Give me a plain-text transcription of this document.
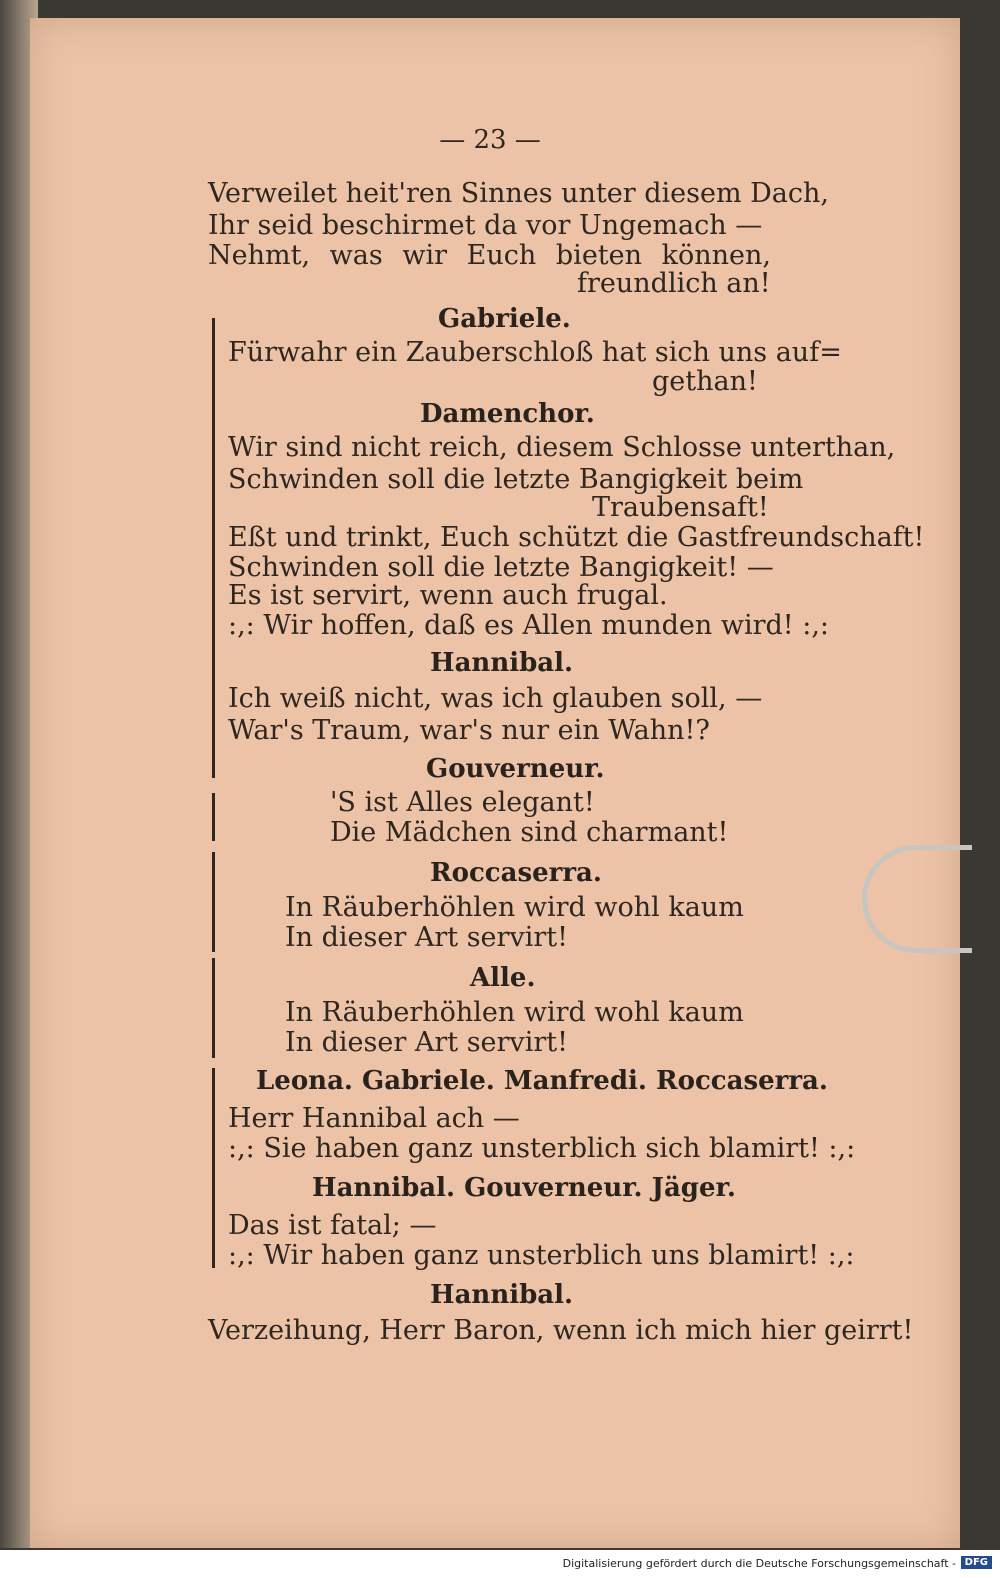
— 23 —

Verweilet heit'ren Sinnes unter diesem Dach,

Ihr seid beschirmet da vor Ungemach —

Nehmt, was wir Euch bieten können,

freundlich an!

Gabriele.

Fürwahr ein Zauberschloß hat sich uns auf=

gethan!

Damenchor.

Wir sind nicht reich, diesem Schlosse unterthan,

Schwinden soll die letzte Bangigkeit beim

Traubensaft!

Eßt und trinkt, Euch schützt die Gastfreundschaft!

Schwinden soll die letzte Bangigkeit! —

Es ist servirt, wenn auch frugal.

:,: Wir hoffen, daß es Allen munden wird! :,:

Hannibal.

Ich weiß nicht, was ich glauben soll, —

War's Traum, war's nur ein Wahn!?

Gouverneur.

'S ist Alles elegant!

Die Mädchen sind charmant!

Roccaserra.

In Räuberhöhlen wird wohl kaum

In dieser Art servirt!

Alle.

In Räuberhöhlen wird wohl kaum

In dieser Art servirt!

Leona. Gabriele. Manfredi. Roccaserra.

Herr Hannibal ach —

:,: Sie haben ganz unsterblich sich blamirt! :,:

Hannibal. Gouverneur. Jäger.

Das ist fatal; —

:,: Wir haben ganz unsterblich uns blamirt! :,:

Hannibal.

Verzeihung, Herr Baron, wenn ich mich hier geirrt!

Digitalisierung gefördert durch die Deutsche Forschungsgemeinschaft - DFG
